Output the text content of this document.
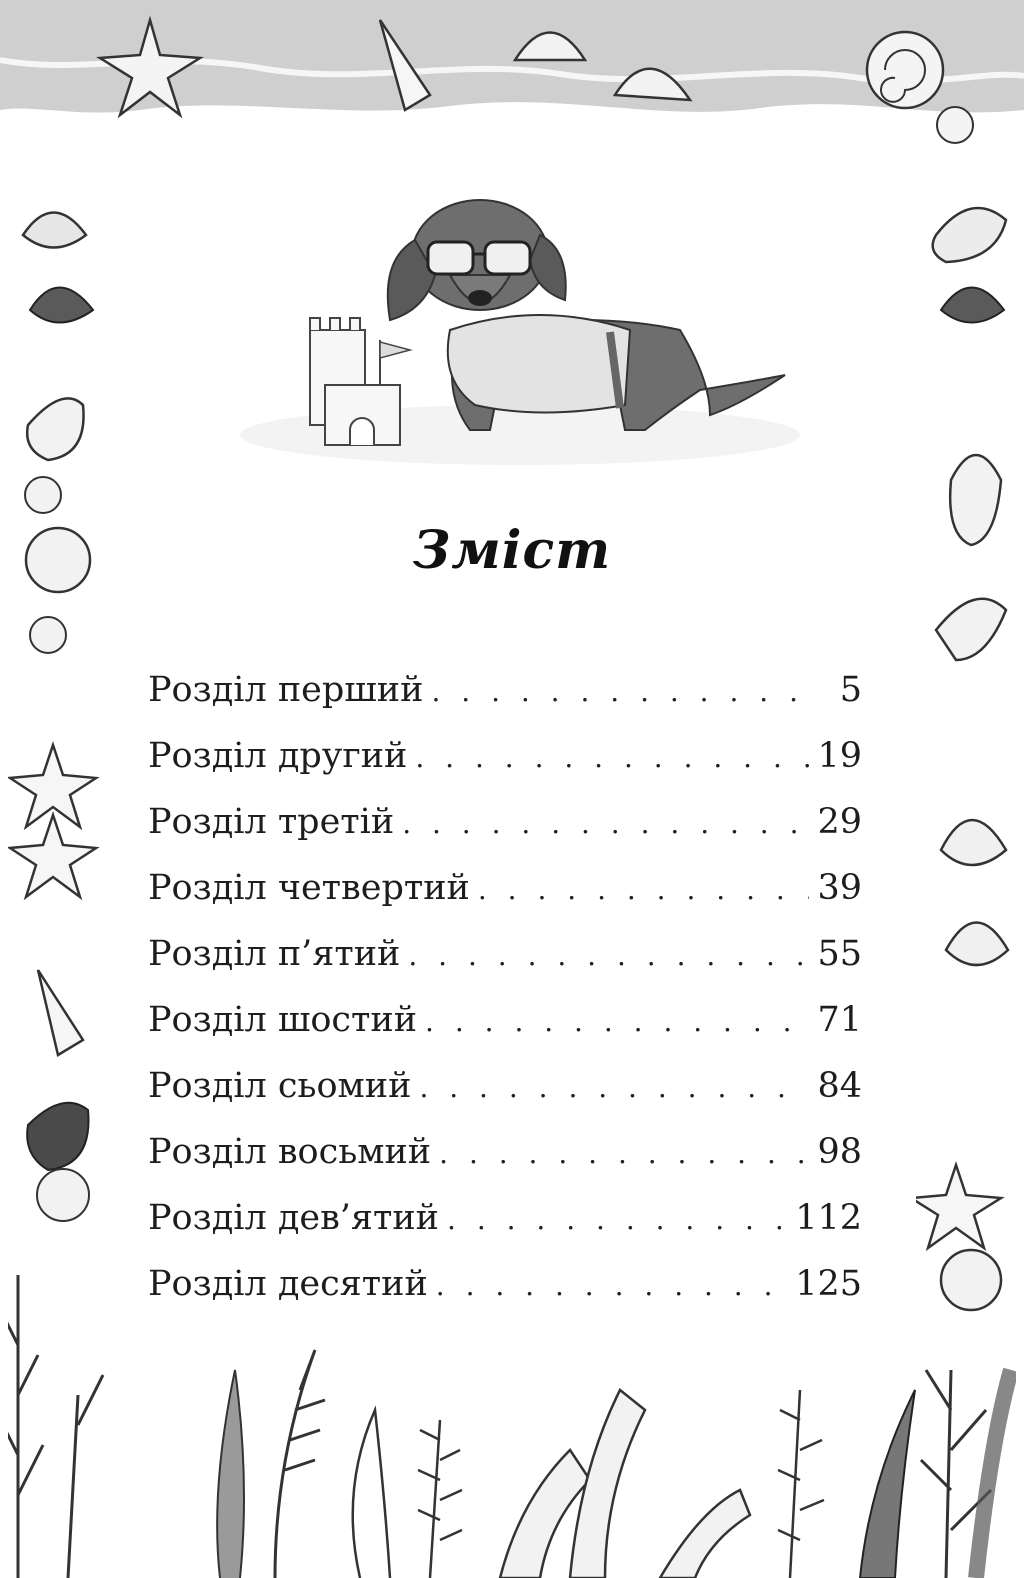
Зміст
Розділ перший . . .	5
Розділ другий . . .	19
Розділ третій . . .	29
Розділ четвертий . . .	39
Розділ п’ятий . . .	55
Розділ шостий . . .	71
Розділ сьомий . . .	84
Розділ восьмий . . .	98
Розділ дев’ятий . . .	112
Розділ десятий . . .	125
